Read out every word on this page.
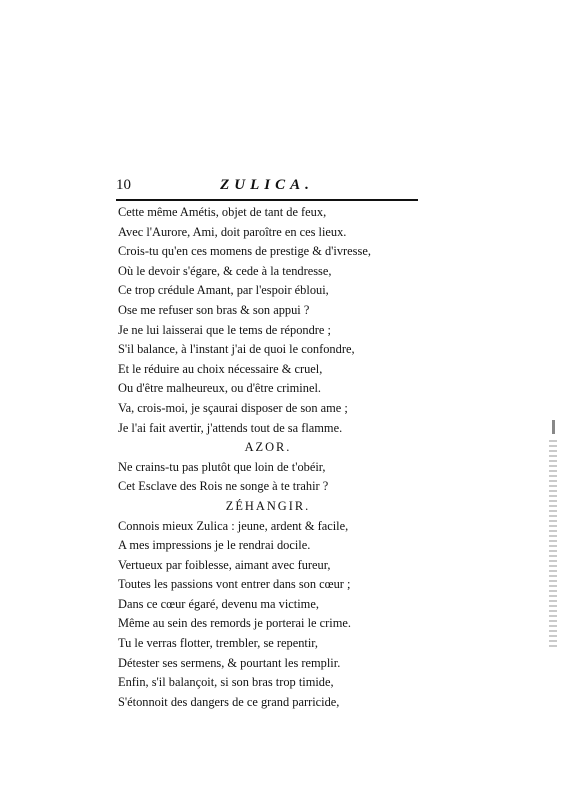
10	ZULICA.
Cette même Amétis, objet de tant de feux,
Avec l'Aurore, Ami, doit paroître en ces lieux.
Crois-tu qu'en ces momens de prestige & d'ivresse,
Où le devoir s'égare, & cede à la tendresse,
Ce trop crédule Amant, par l'espoir ébloui,
Ose me refuser son bras & son appui ?
Je ne lui laisserai que le tems de répondre ;
S'il balance, à l'instant j'ai de quoi le confondre,
Et le réduire au choix nécessaire & cruel,
Ou d'être malheureux, ou d'être criminel.
Va, crois-moi, je sçaurai disposer de son ame ;
Je l'ai fait avertir, j'attends tout de sa flamme.
AZOR.
Ne crains-tu pas plutôt que loin de t'obéir,
Cet Esclave des Rois ne songe à te trahir ?
ZÉHANGIR.
Connois mieux Zulica : jeune, ardent & facile,
A mes impressions je le rendrai docile.
Vertueux par foiblesse, aimant avec fureur,
Toutes les passions vont entrer dans son cœur ;
Dans ce cœur égaré, devenu ma victime,
Même au sein des remords je porterai le crime.
Tu le verras flotter, trembler, se repentir,
Détester ses sermens, & pourtant les remplir.
Enfin, s'il balançoit, si son bras trop timide,
S'étonnoit des dangers de ce grand parricide,
